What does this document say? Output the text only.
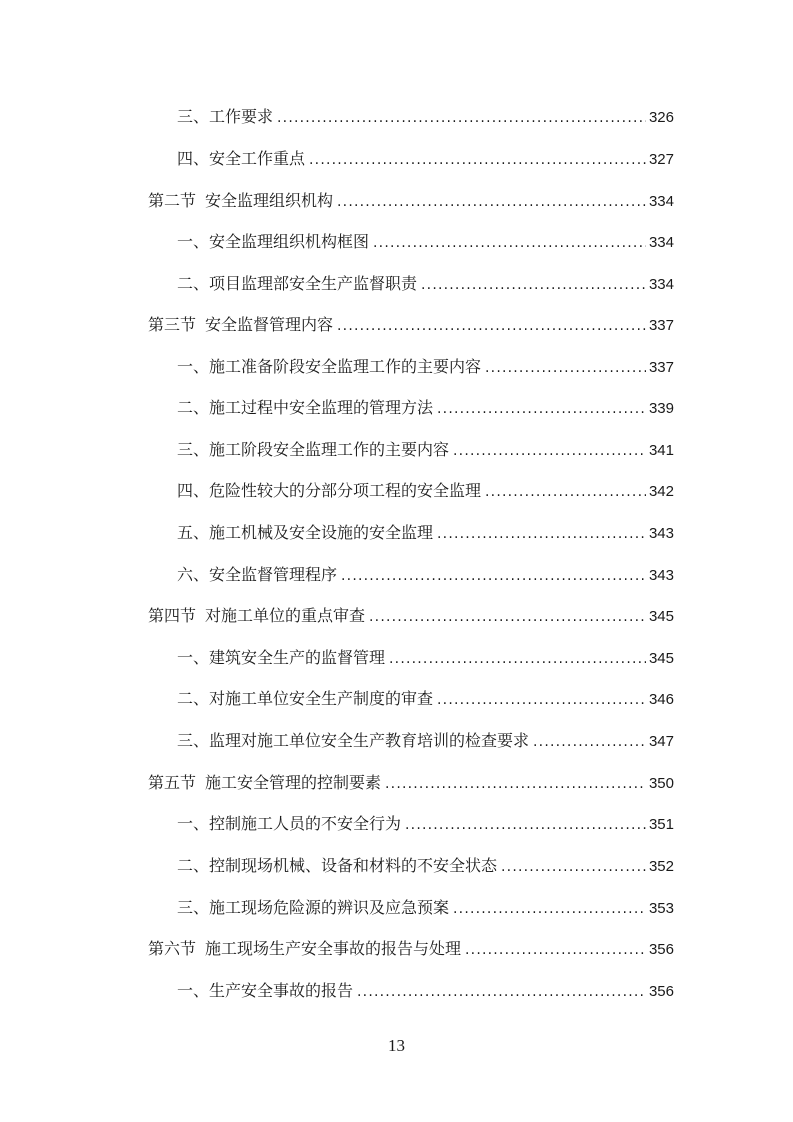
三、工作要求 .....	326
四、安全工作重点 .....	327
第二节 安全监理组织机构 .....	334
一、安全监理组织机构框图 .....	334
二、项目监理部安全生产监督职责 .....	334
第三节 安全监督管理内容 .....	337
一、施工准备阶段安全监理工作的主要内容 .....	337
二、施工过程中安全监理的管理方法 .....	339
三、施工阶段安全监理工作的主要内容 .....	341
四、危险性较大的分部分项工程的安全监理 .....	342
五、施工机械及安全设施的安全监理 .....	343
六、安全监督管理程序 .....	343
第四节 对施工单位的重点审查 .....	345
一、建筑安全生产的监督管理 .....	345
二、对施工单位安全生产制度的审查 .....	346
三、监理对施工单位安全生产教育培训的检查要求 .....	347
第五节 施工安全管理的控制要素 .....	350
一、控制施工人员的不安全行为 .....	351
二、控制现场机械、设备和材料的不安全状态 .....	352
三、施工现场危险源的辨识及应急预案 .....	353
第六节 施工现场生产安全事故的报告与处理 .....	356
一、生产安全事故的报告 .....	356
13
